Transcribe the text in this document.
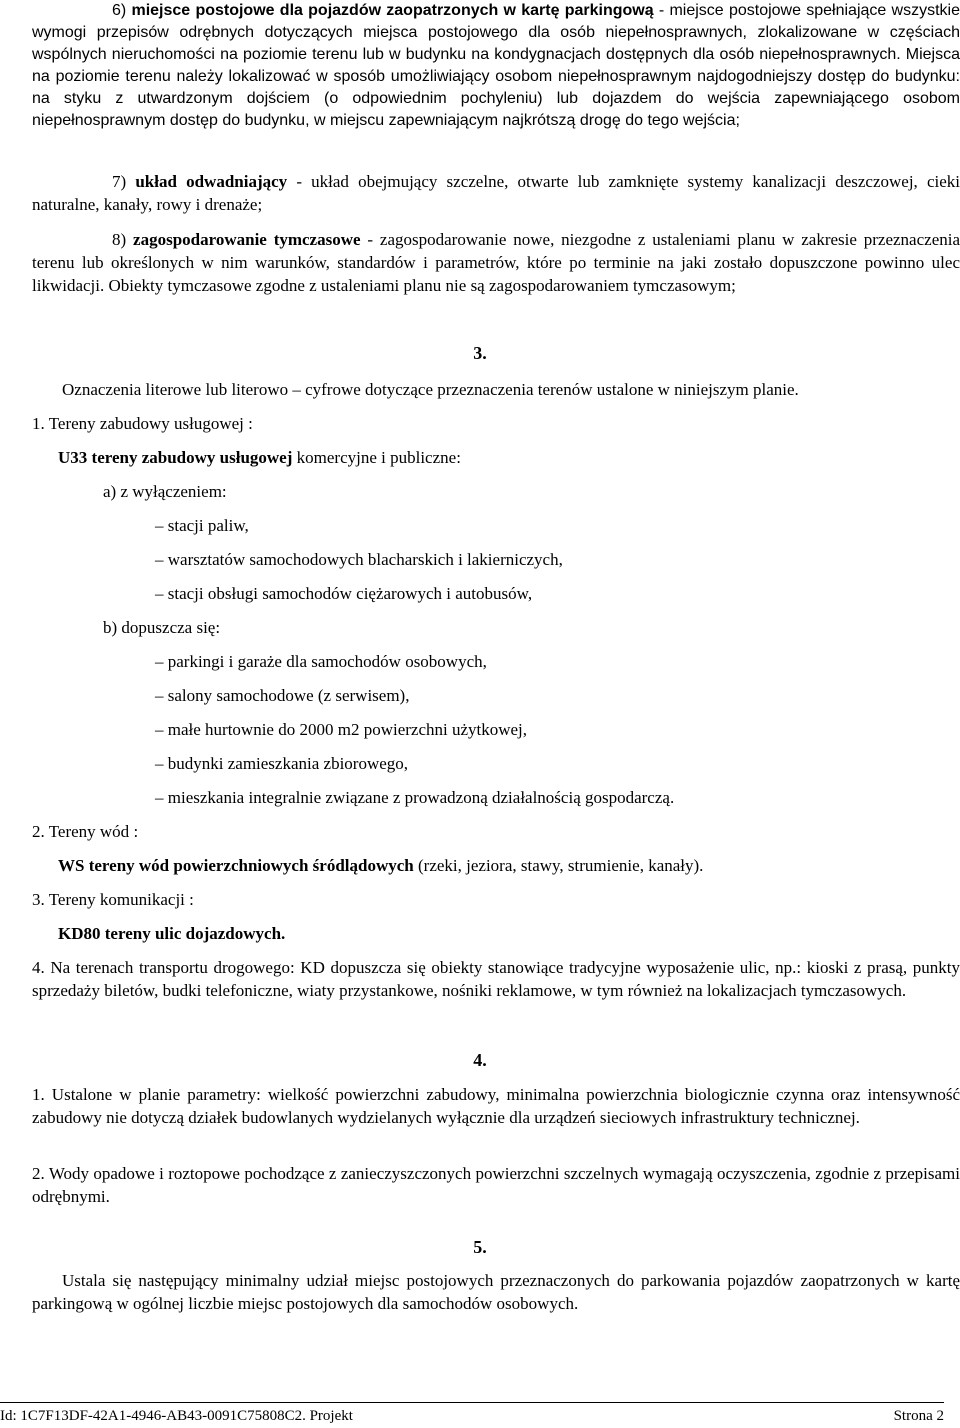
6) miejsce postojowe dla pojazdów zaopatrzonych w kartę parkingową - miejsce postojowe spełniające wszystkie wymogi przepisów odrębnych dotyczących miejsca postojowego dla osób niepełnosprawnych, zlokalizowane w częściach wspólnych nieruchomości na poziomie terenu lub w budynku na kondygnacjach dostępnych dla osób niepełnosprawnych. Miejsca na poziomie terenu należy lokalizować w sposób umożliwiający osobom niepełnosprawnym najdogodniejszy dostęp do budynku: na styku z utwardzonym dojściem (o odpowiednim pochyleniu) lub dojazdem do wejścia zapewniającego osobom niepełnosprawnym dostęp do budynku, w miejscu zapewniającym najkrótszą drogę do tego wejścia;

7) układ odwadniający - układ obejmujący szczelne, otwarte lub zamknięte systemy kanalizacji deszczowej, cieki naturalne, kanały, rowy i drenaże;

8) zagospodarowanie tymczasowe - zagospodarowanie nowe, niezgodne z ustaleniami planu w zakresie przeznaczenia terenu lub określonych w nim warunków, standardów i parametrów, które po terminie na jaki zostało dopuszczone powinno ulec likwidacji. Obiekty tymczasowe zgodne z ustaleniami planu nie są zagospodarowaniem tymczasowym;

3.
Oznaczenia literowe lub literowo – cyfrowe dotyczące przeznaczenia terenów ustalone w niniejszym planie.
1. Tereny zabudowy usługowej :
U33 tereny zabudowy usługowej komercyjne i publiczne:
a) z wyłączeniem:
– stacji paliw,
– warsztatów samochodowych blacharskich i lakierniczych,
– stacji obsługi samochodów ciężarowych i autobusów,
b) dopuszcza się:
– parkingi i garaże dla samochodów osobowych,
– salony samochodowe (z serwisem),
– małe hurtownie do 2000 m2 powierzchni użytkowej,
– budynki zamieszkania zbiorowego,
– mieszkania integralnie związane z prowadzoną działalnością gospodarczą.
2. Tereny wód :
WS tereny wód powierzchniowych śródlądowych (rzeki, jeziora, stawy, strumienie, kanały).
3. Tereny komunikacji :
KD80 tereny ulic dojazdowych.

4. Na terenach transportu drogowego: KD dopuszcza się obiekty stanowiące tradycyjne wyposażenie ulic, np.: kioski z prasą, punkty sprzedaży biletów, budki telefoniczne, wiaty przystankowe, nośniki reklamowe, w tym również na lokalizacjach tymczasowych.

4.

1. Ustalone w planie parametry: wielkość powierzchni zabudowy, minimalna powierzchnia biologicznie czynna oraz intensywność zabudowy nie dotyczą działek budowlanych wydzielanych wyłącznie dla urządzeń sieciowych infrastruktury technicznej.

2. Wody opadowe i roztopowe pochodzące z zanieczyszczonych powierzchni szczelnych wymagają oczyszczenia, zgodnie z przepisami odrębnymi.

5.

Ustala się następujący minimalny udział miejsc postojowych przeznaczonych do parkowania pojazdów zaopatrzonych w kartę parkingową w ogólnej liczbie miejsc postojowych dla samochodów osobowych.

Id: 1C7F13DF-42A1-4946-AB43-0091C75808C2. Projekt	Strona 2
